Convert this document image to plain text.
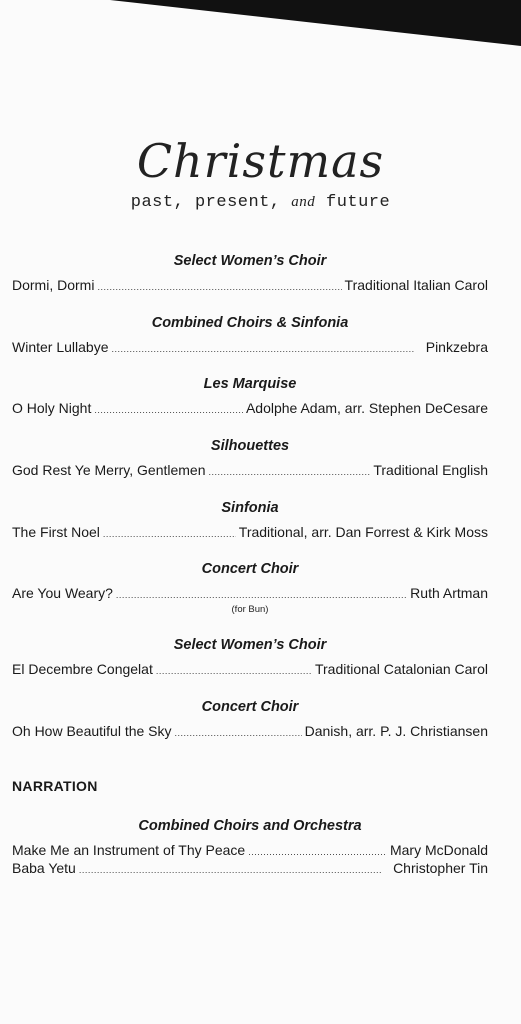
Christmas
past, present, and future
Select Women’s Choir
Dormi, Dormi . . .	Traditional Italian Carol
Combined Choirs & Sinfonia
Winter Lullabye . . .	Pinkzebra
Les Marquise
O Holy Night . . .	Adolphe Adam, arr. Stephen DeCesare
Silhouettes
God Rest Ye Merry, Gentlemen . . .	Traditional English
Sinfonia
The First Noel . . .	Traditional, arr. Dan Forrest & Kirk Moss
Concert Choir
Are You Weary? . . .	Ruth Artman
(for Bun)
Select Women’s Choir
El Decembre Congelat . . .	Traditional Catalonian Carol
Concert Choir
Oh How Beautiful the Sky . . .	Danish, arr. P. J. Christiansen
NARRATION
Combined Choirs and Orchestra
Make Me an Instrument of Thy Peace . . .	Mary McDonald
Baba Yetu . . .	Christopher Tin
